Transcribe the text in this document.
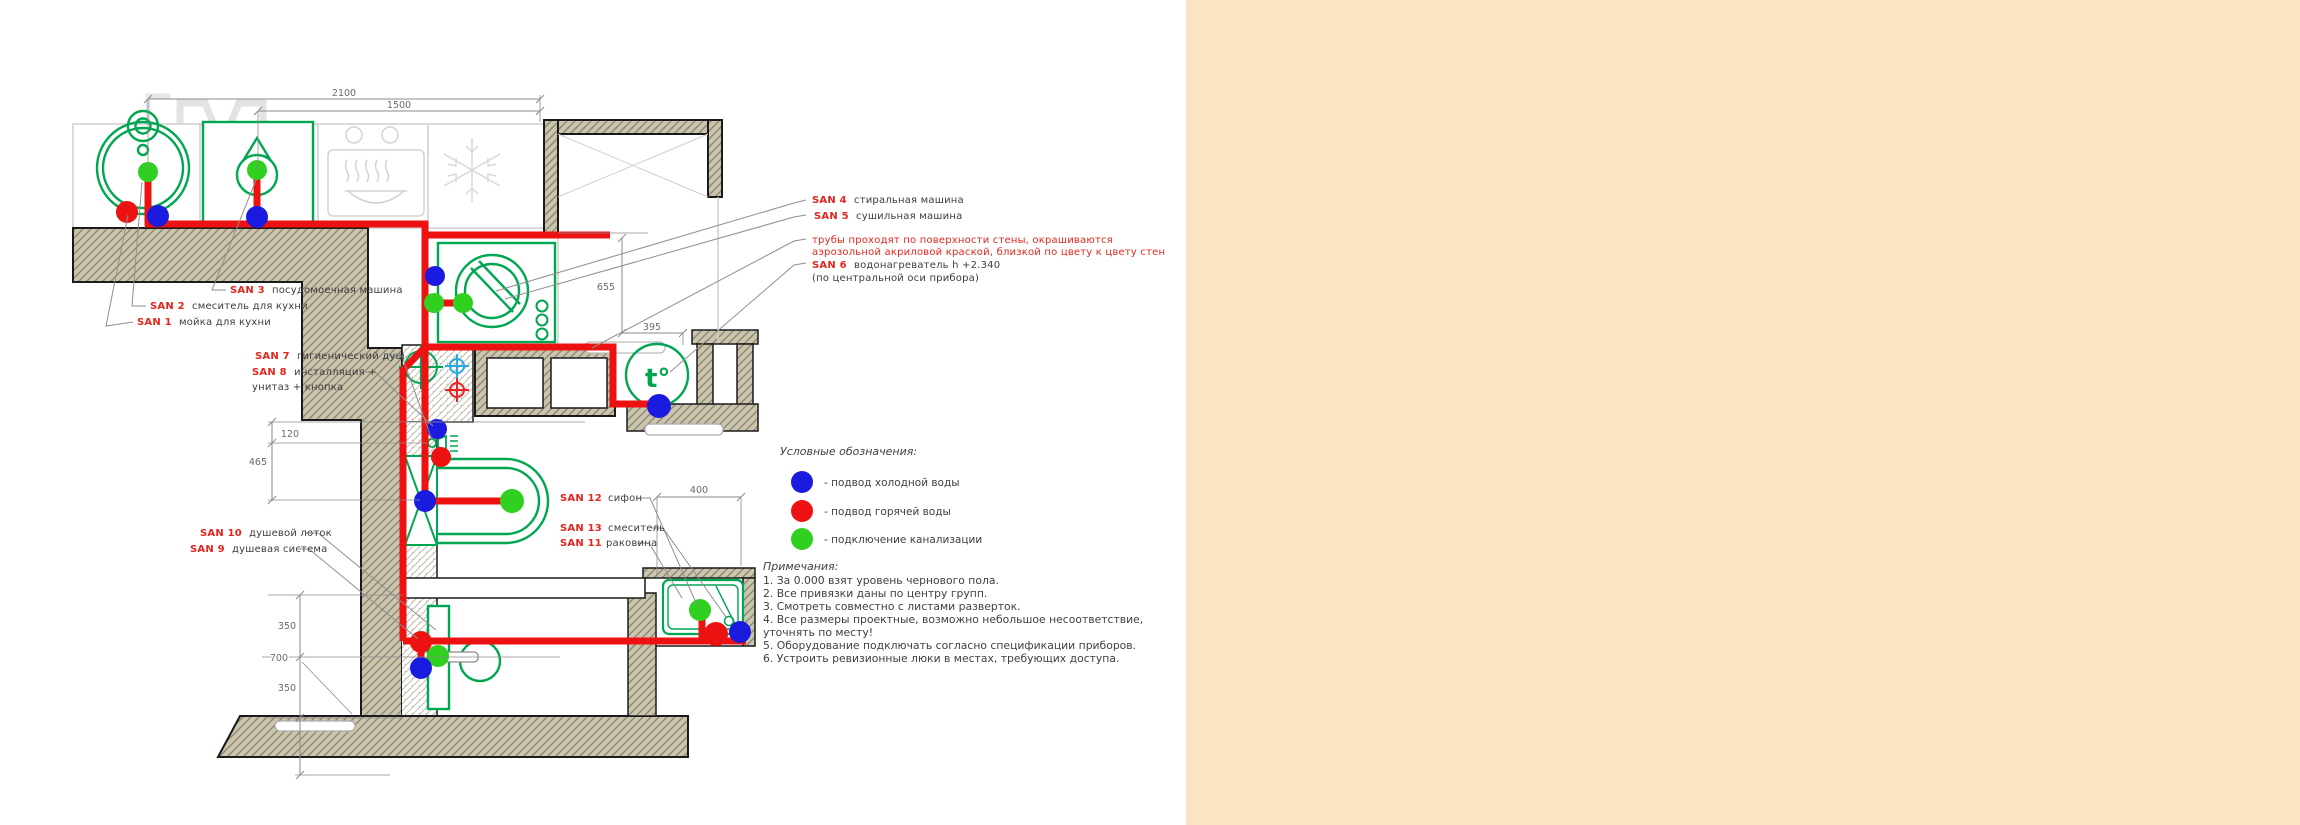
t°
2100
1500
655
395
120
465
350
700
350
400
SAN 2 смеситель для кухни
SAN 1 мойка для кухни
SAN 3 посудомоечная машина
SAN 7 гигиенический душ
SAN 8 инсталляция +
унитаз + кнопка
SAN 10 душевой лоток
SAN 9 душевая система
SAN 12 сифон
SAN 13 смеситель
SAN 11 раковина
SAN 4 стиральная машина
SAN 5 сушильная машина
трубы проходят по поверхности стены, окрашиваются
аэрозольной акриловой краской, близкой по цвету к цвету стен
SAN 6 водонагреватель h +2.340
(по центральной оси прибора)
Условные обозначения:
- подвод холодной воды
- подвод горячей воды
- подключение канализации
Примечания:
1. За 0.000 взят уровень чернового пола.
2. Все привязки даны по центру групп.
3. Смотреть совместно с листами разверток.
4. Все размеры проектные, возможно небольшое несоответствие,
уточнять по месту!
5. Оборудование подключать согласно спецификации приборов.
6. Устроить ревизионные люки в местах, требующих доступа.
